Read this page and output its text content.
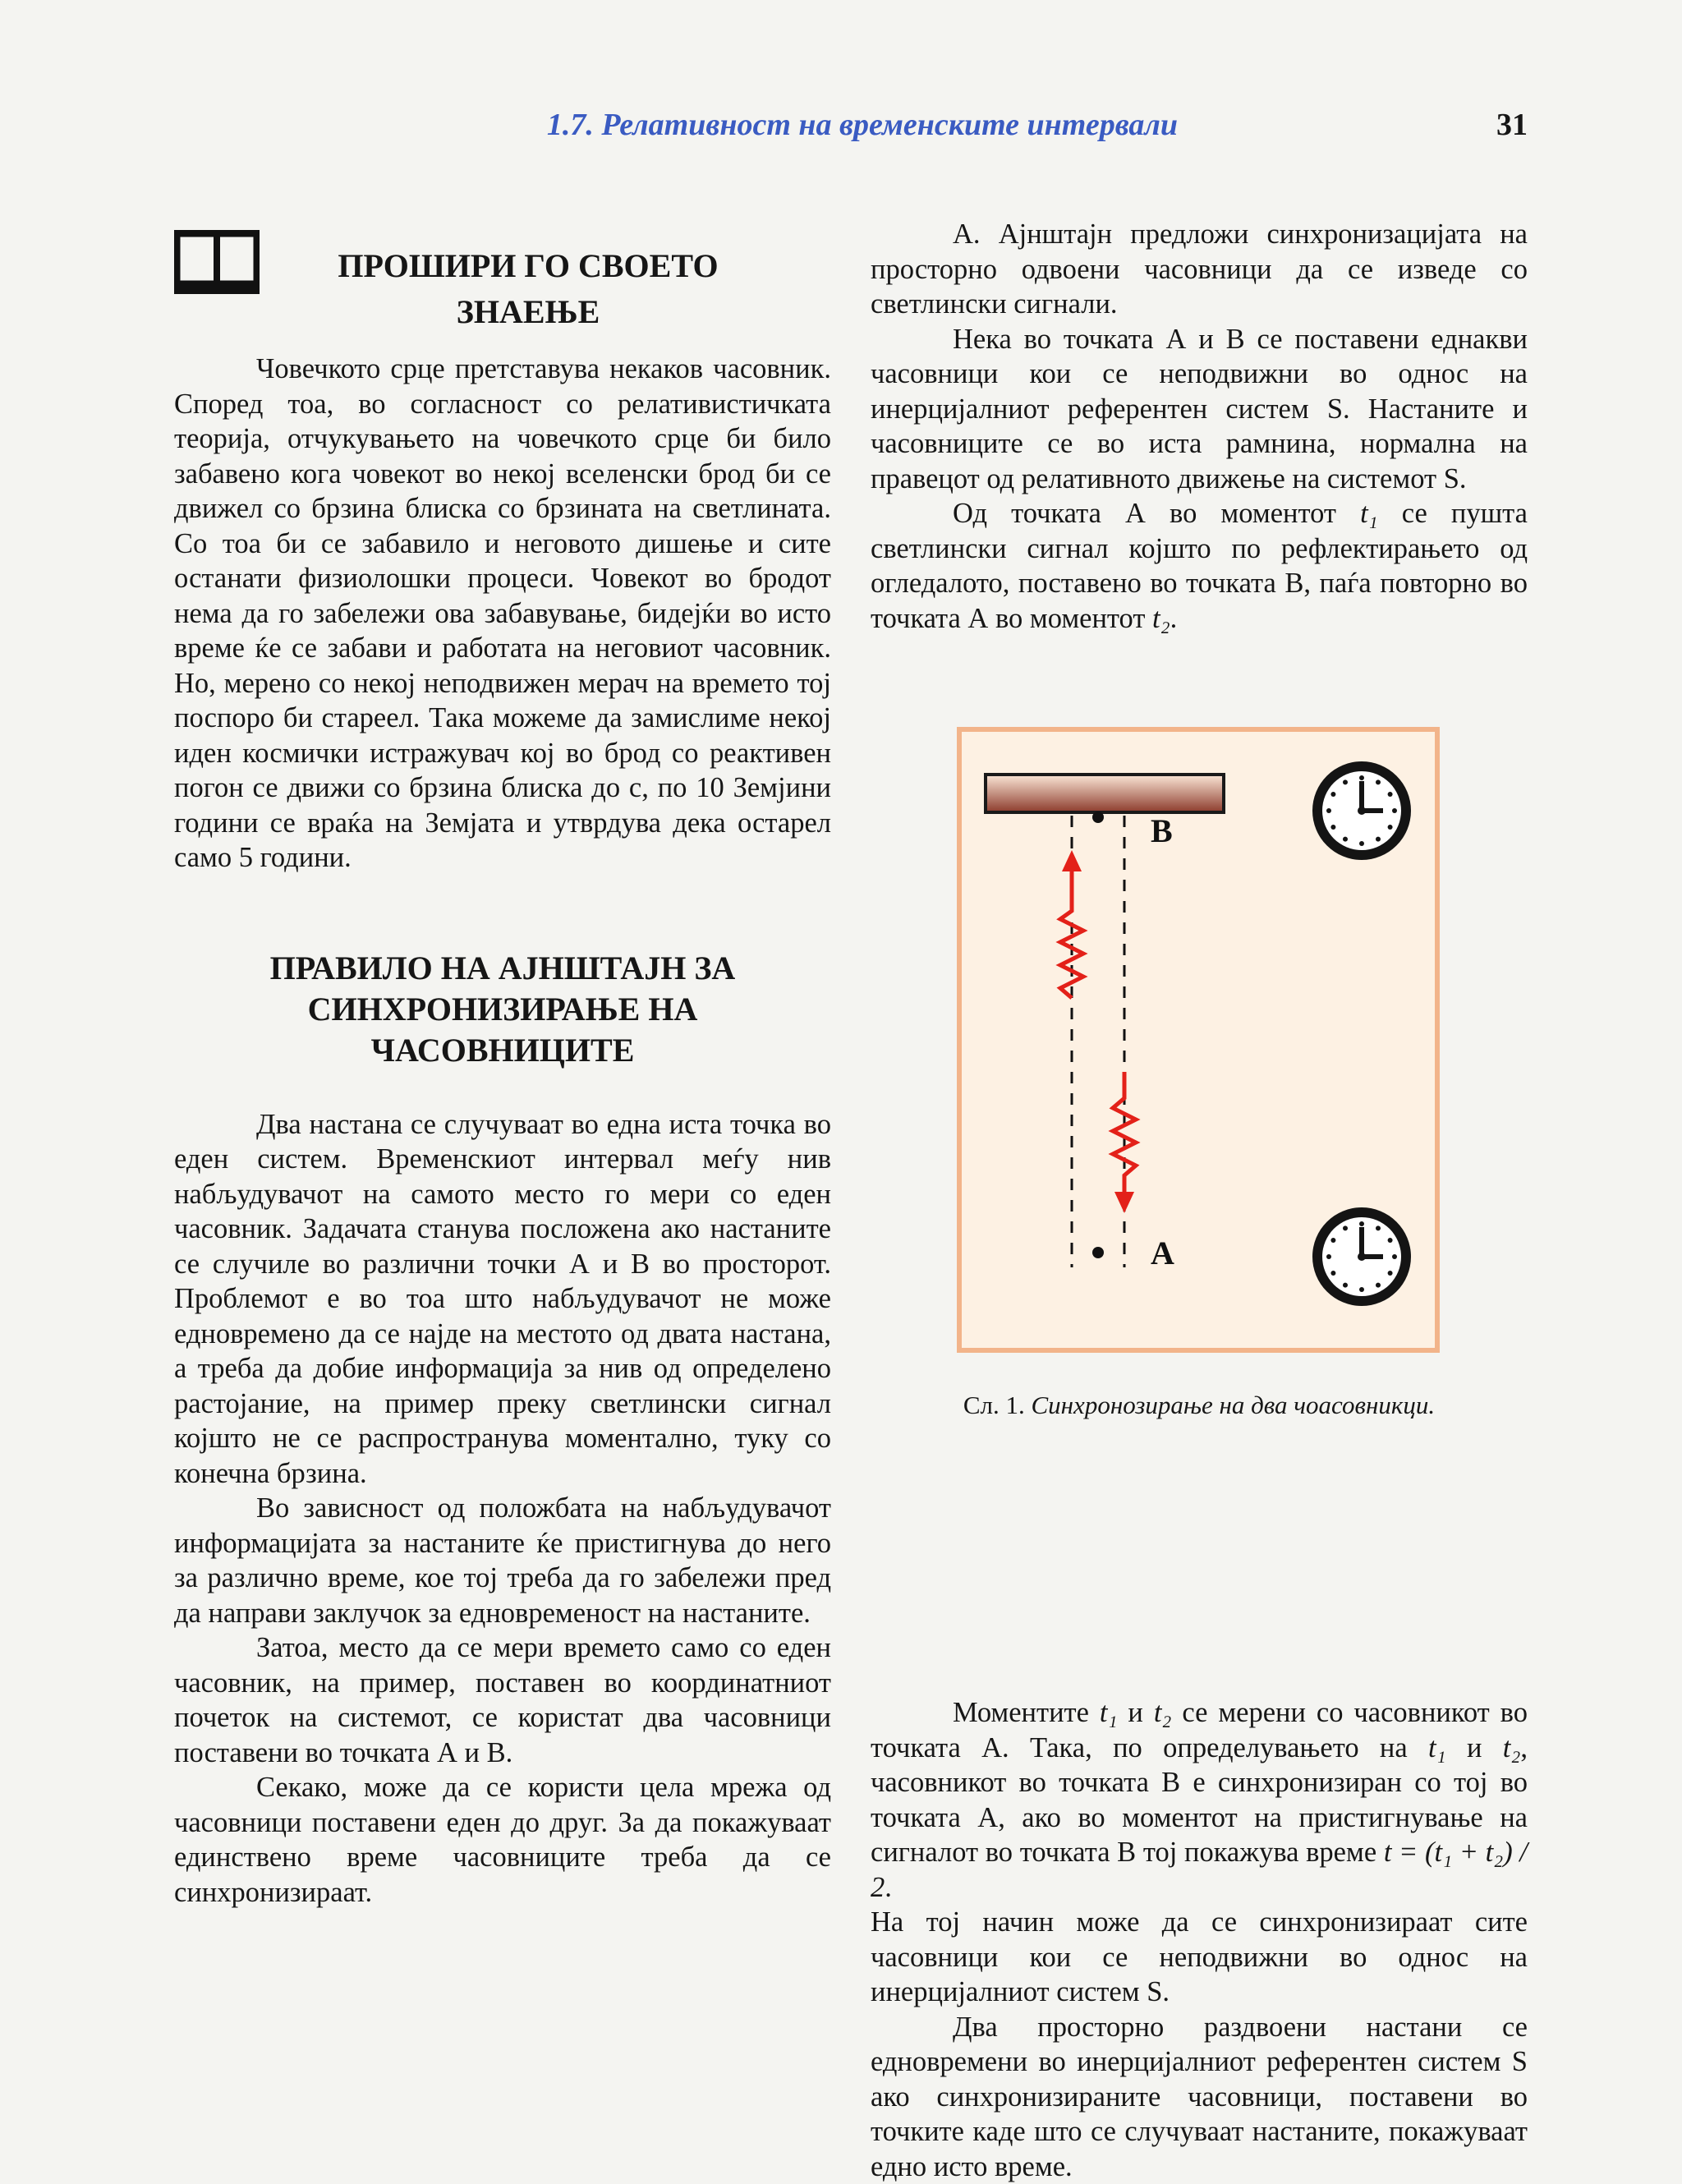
1.7. Релативност на временските интервали	31
ПРОШИРИ ГО СВОЕТО
ЗНАЕЊЕ

Човечкото срце претставува некаков часовник. Според тоа, во согласност со релативистичката теорија, отчукувањето на човечкото срце би било забавено кога човекот во некој вселенски брод би се движел со брзина блиска со брзината на светлината. Со тоа би се забавило и неговото дишење и сите останати физиолошки процеси. Човекот во бродот нема да го забележи ова забавување, бидејќи во исто време ќе се забави и работата на неговиот часовник. Но, мерено со некој неподвижен мерач на времето тој поспоро би стареел. Така можеме да замислиме некој иден космички истражувач кој во брод со реактивен погон се движи со брзина блиска до c, по 10 Земјини години се враќа на Земјата и утврдува дека остарел само 5 години.

ПРАВИЛО НА АЈНШТАЈН ЗА
СИНХРОНИЗИРАЊЕ НА ЧАСОВНИЦИТЕ

Два настана се случуваат во една иста точка во еден систем. Временскиот интервал меѓу нив набљудувачот на самото место го мери со еден часовник. Задачата станува посложена ако настаните се случиле во различни точки А и В во просторот. Проблемот е во тоа што набљудувачот не може едновремено да се најде на местото од двата настана, а треба да добие информација за нив од определено растојание, на пример преку светлински сигнал којшто не се распространува моментално, туку со конечна брзина.

Во зависност од положбата на набљудувачот информацијата за настаните ќе пристигнува до него за различно време, кое тој треба да го забележи пред да направи заклучок за едновременост на настаните.

Затоа, место да се мери времето само со еден часовник, на пример, поставен во координатниот почеток на системот, се користат два часовници поставени во точката А и В.

Секако, може да се користи цела мрежа од часовници поставени еден до друг. За да покажуваат единствено време часовниците треба да се синхронизираат.

А. Ајнштајн предложи синхронизацијата на просторно одвоени часовници да се изведе со светлински сигнали.

Нека во точката А и В се поставени еднакви часовници кои се неподвижни во однос на инерцијалниот референтен систем S. Настаните и часовниците се во иста рамнина, нормална на правецот од релативното движење на системот S.

Од точката А во моментот t₁ се пушта светлински сигнал којшто по рефлектирањето од огледалото, поставено во точката В, паѓа повторно во точката А во моментот t₂.

Моментите t₁ и t₂ се мерени со часовникот во точката А. Така, по определувањето на t₁ и t₂, часовникот во точката В е синхронизиран со тој во точката А, ако во моментот на пристигнување на сигналот во точката В тој покажува време t = (t₁ + t₂) / 2.

На тој начин може да се синхронизираат сите часовници кои се неподвижни во однос на инерцијалниот систем S.

Два просторно раздвоени настани се едновремени во инерцијалниот референтен систем S ако синхронизираните часовници, поставени во точките каде што се случуваат настаните, покажуваат едно исто време.

B
A
Сл. 1. Синхронозирање на два чоасовникци.
